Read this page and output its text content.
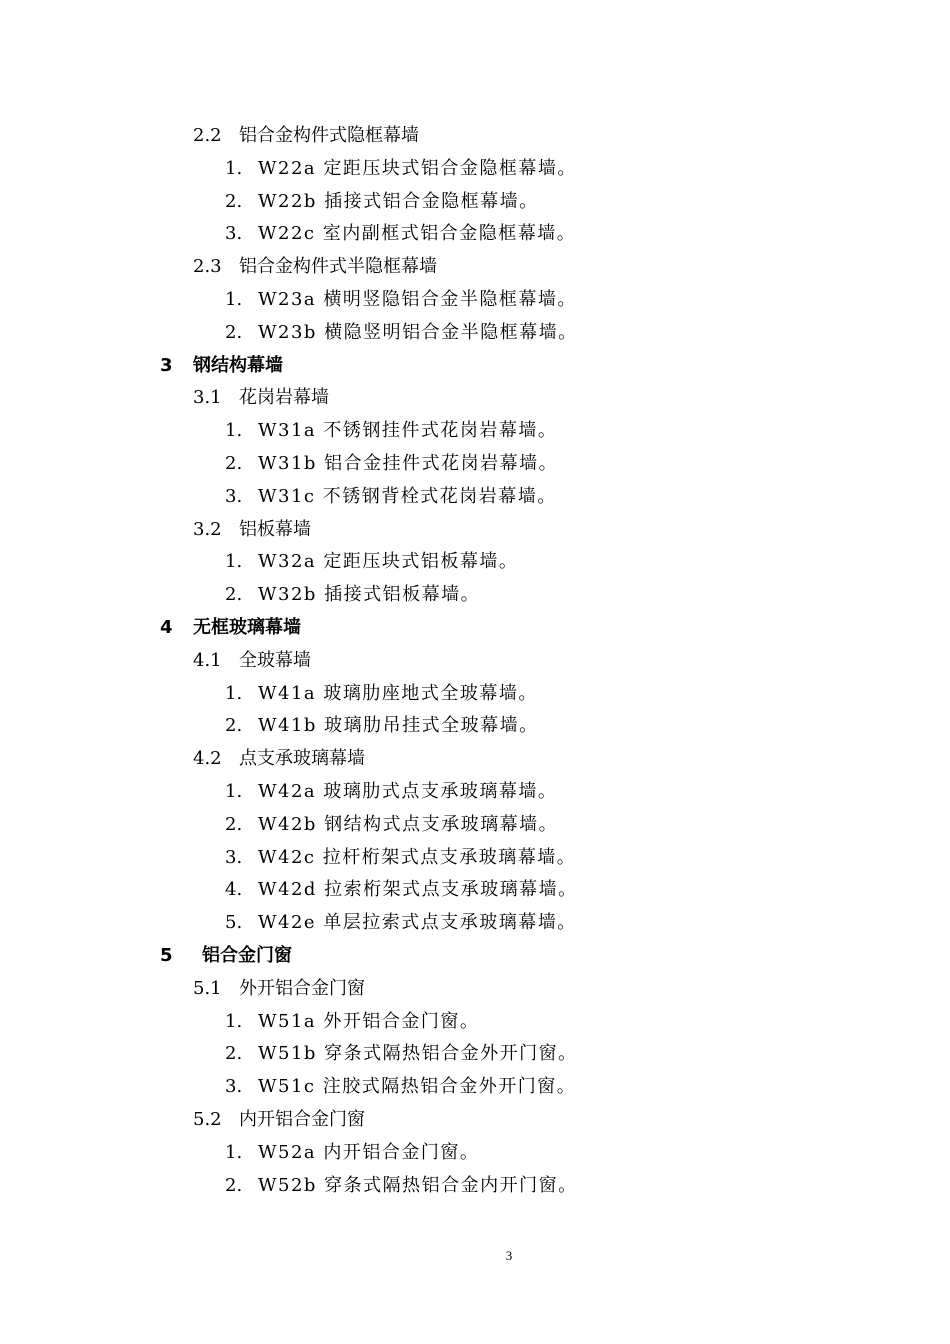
2.2 铝合金构件式隐框幕墙
1. W22a 定距压块式铝合金隐框幕墙。
2. W22b 插接式铝合金隐框幕墙。
3. W22c 室内副框式铝合金隐框幕墙。
2.3 铝合金构件式半隐框幕墙
1. W23a 横明竖隐铝合金半隐框幕墙。
2. W23b 横隐竖明铝合金半隐框幕墙。
3 钢结构幕墙
3.1 花岗岩幕墙
1. W31a 不锈钢挂件式花岗岩幕墙。
2. W31b 铝合金挂件式花岗岩幕墙。
3. W31c 不锈钢背栓式花岗岩幕墙。
3.2 铝板幕墙
1. W32a 定距压块式铝板幕墙。
2. W32b 插接式铝板幕墙。
4 无框玻璃幕墙
4.1 全玻幕墙
1. W41a 玻璃肋座地式全玻幕墙。
2. W41b 玻璃肋吊挂式全玻幕墙。
4.2 点支承玻璃幕墙
1. W42a 玻璃肋式点支承玻璃幕墙。
2. W42b 钢结构式点支承玻璃幕墙。
3. W42c 拉杆桁架式点支承玻璃幕墙。
4. W42d 拉索桁架式点支承玻璃幕墙。
5. W42e 单层拉索式点支承玻璃幕墙。
5 铝合金门窗
5.1 外开铝合金门窗
1. W51a 外开铝合金门窗。
2. W51b 穿条式隔热铝合金外开门窗。
3. W51c 注胶式隔热铝合金外开门窗。
5.2 内开铝合金门窗
1. W52a 内开铝合金门窗。
2. W52b 穿条式隔热铝合金内开门窗。
3
